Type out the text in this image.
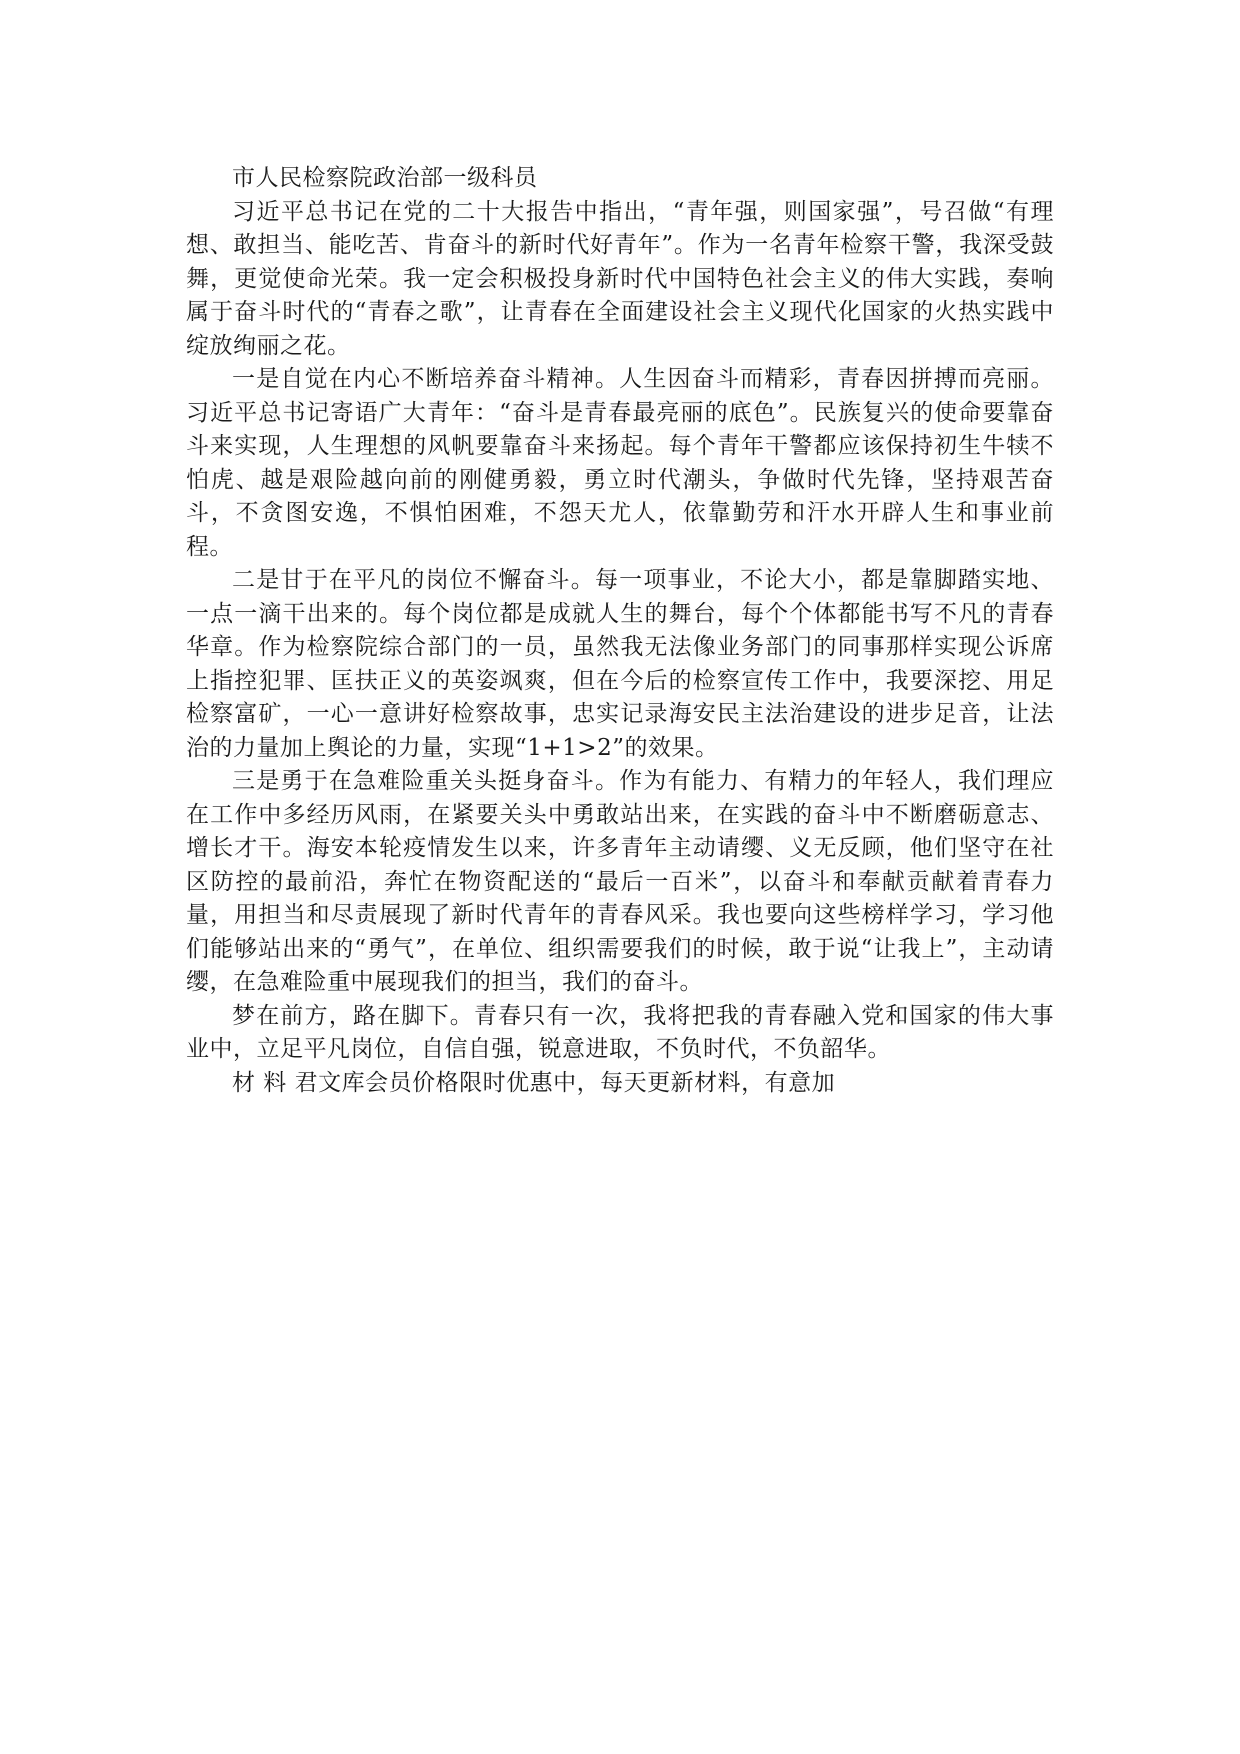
市人民检察院政治部一级科员

习近平总书记在党的二十大报告中指出，“青年强，则国家强”，号召做“有理想、敢担当、能吃苦、肯奋斗的新时代好青年”。作为一名青年检察干警，我深受鼓舞，更觉使命光荣。我一定会积极投身新时代中国特色社会主义的伟大实践，奏响属于奋斗时代的“青春之歌”，让青春在全面建设社会主义现代化国家的火热实践中绽放绚丽之花。

一是自觉在内心不断培养奋斗精神。人生因奋斗而精彩，青春因拼搏而亮丽。习近平总书记寄语广大青年：“奋斗是青春最亮丽的底色”。民族复兴的使命要靠奋斗来实现，人生理想的风帆要靠奋斗来扬起。每个青年干警都应该保持初生牛犊不怕虎、越是艰险越向前的刚健勇毅，勇立时代潮头，争做时代先锋，坚持艰苦奋斗，不贪图安逸，不惧怕困难，不怨天尤人，依靠勤劳和汗水开辟人生和事业前程。

二是甘于在平凡的岗位不懈奋斗。每一项事业，不论大小，都是靠脚踏实地、一点一滴干出来的。每个岗位都是成就人生的舞台，每个个体都能书写不凡的青春华章。作为检察院综合部门的一员，虽然我无法像业务部门的同事那样实现公诉席上指控犯罪、匡扶正义的英姿飒爽，但在今后的检察宣传工作中，我要深挖、用足检察富矿，一心一意讲好检察故事，忠实记录海安民主法治建设的进步足音，让法治的力量加上舆论的力量，实现“1+1>2”的效果。

三是勇于在急难险重关头挺身奋斗。作为有能力、有精力的年轻人，我们理应在工作中多经历风雨，在紧要关头中勇敢站出来，在实践的奋斗中不断磨砺意志、增长才干。海安本轮疫情发生以来，许多青年主动请缨、义无反顾，他们坚守在社区防控的最前沿，奔忙在物资配送的“最后一百米”，以奋斗和奉献贡献着青春力量，用担当和尽责展现了新时代青年的青春风采。我也要向这些榜样学习，学习他们能够站出来的“勇气”，在单位、组织需要我们的时候，敢于说“让我上”，主动请缨，在急难险重中展现我们的担当，我们的奋斗。

梦在前方，路在脚下。青春只有一次，我将把我的青春融入党和国家的伟大事业中，立足平凡岗位，自信自强，锐意进取，不负时代，不负韶华。

材 料 君文库会员价格限时优惠中，每天更新材料，有意加
